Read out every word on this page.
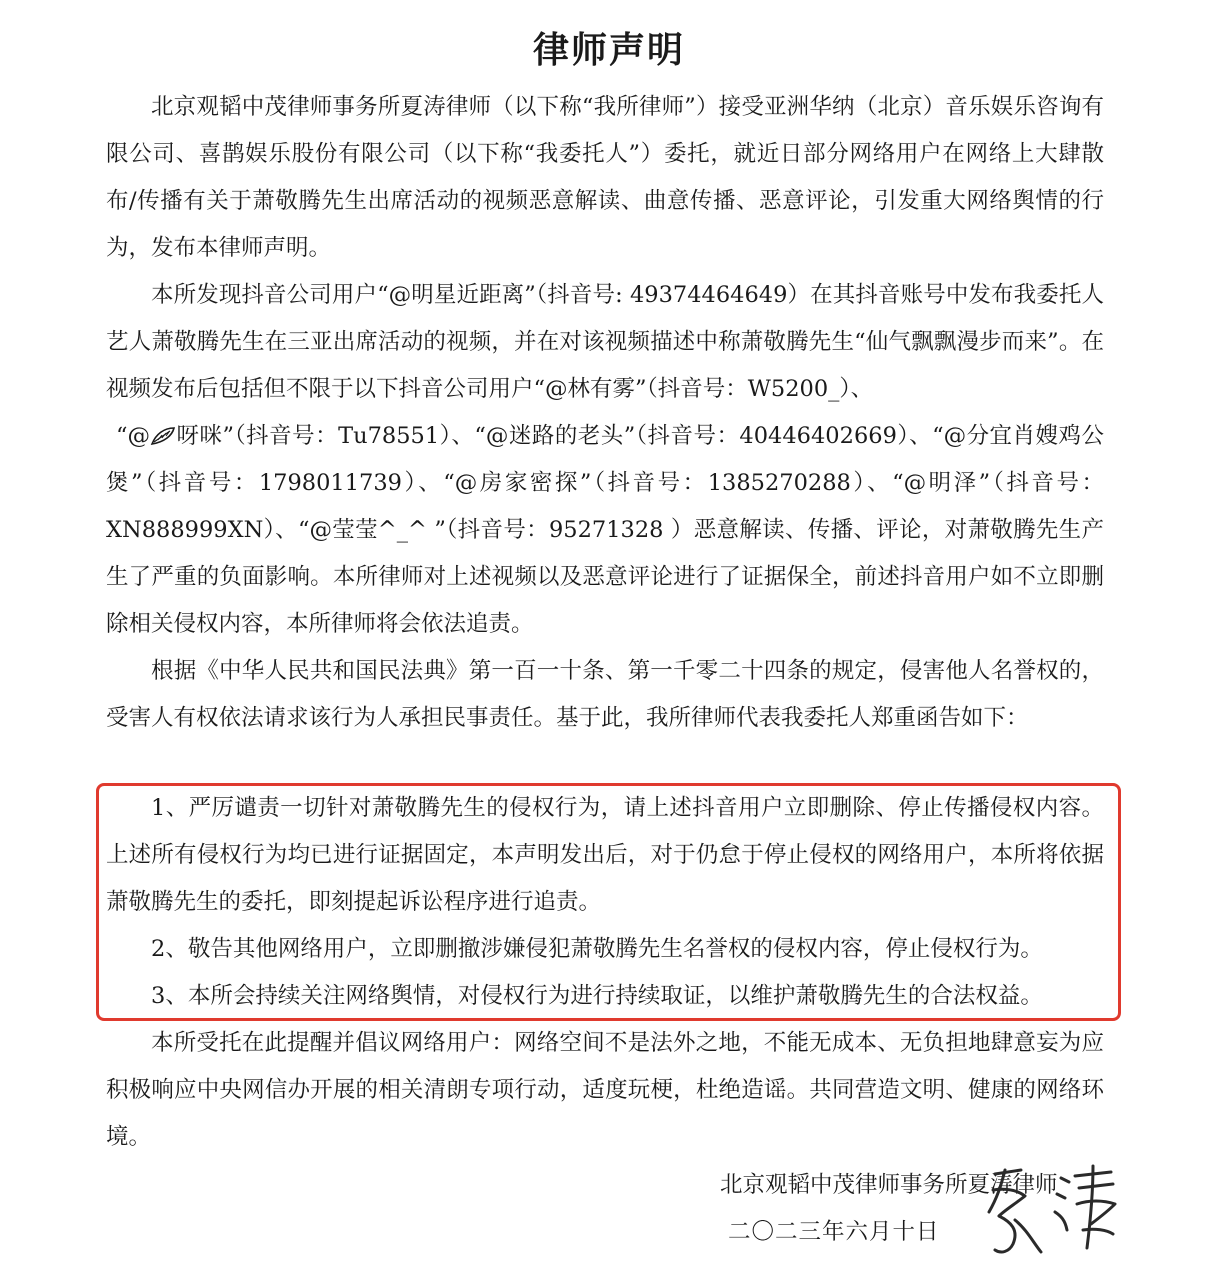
律师声明

北京观韬中茂律师事务所夏涛律师（以下称“我所律师”）接受亚洲华纳（北京）音乐娱乐咨询有限公司、喜鹊娱乐股份有限公司（以下称“我委托人”）委托，就近日部分网络用户在网络上大肆散布/传播有关于萧敬腾先生出席活动的视频恶意解读、曲意传播、恶意评论，引发重大网络舆情的行为，发布本律师声明。

本所发现抖音公司用户“@明星近距离”（抖音号: 49374464649）在其抖音账号中发布我委托人艺人萧敬腾先生在三亚出席活动的视频，并在对该视频描述中称萧敬腾先生“仙气飘飘漫步而来”。在视频发布后包括但不限于以下抖音公司用户“@林有雾”（抖音号：W5200_）、

“@ 呀咪”（抖音号：Tu78551）、“@迷路的老头”（抖音号：40446402669）、“@分宜肖嫂鸡公煲”（抖音号：1798011739）、“@房家密探”（抖音号：1385270288）、“@明泽”（抖音号：XN888999XN）、“@莹莹^_^ ”（抖音号：95271328 ）恶意解读、传播、评论，对萧敬腾先生产生了严重的负面影响。本所律师对上述视频以及恶意评论进行了证据保全，前述抖音用户如不立即删除相关侵权内容，本所律师将会依法追责。

根据《中华人民共和国民法典》第一百一十条、第一千零二十四条的规定，侵害他人名誉权的，受害人有权依法请求该行为人承担民事责任。基于此，我所律师代表我委托人郑重函告如下：

1、严厉谴责一切针对萧敬腾先生的侵权行为，请上述抖音用户立即删除、停止传播侵权内容。上述所有侵权行为均已进行证据固定，本声明发出后，对于仍怠于停止侵权的网络用户，本所将依据萧敬腾先生的委托，即刻提起诉讼程序进行追责。

2、敬告其他网络用户，立即删撤涉嫌侵犯萧敬腾先生名誉权的侵权内容，停止侵权行为。

3、本所会持续关注网络舆情，对侵权行为进行持续取证，以维护萧敬腾先生的合法权益。

本所受托在此提醒并倡议网络用户：网络空间不是法外之地，不能无成本、无负担地肆意妄为应积极响应中央网信办开展的相关清朗专项行动，适度玩梗，杜绝造谣。共同营造文明、健康的网络环境。

北京观韬中茂律师事务所夏涛律师
二〇二三年六月十日
